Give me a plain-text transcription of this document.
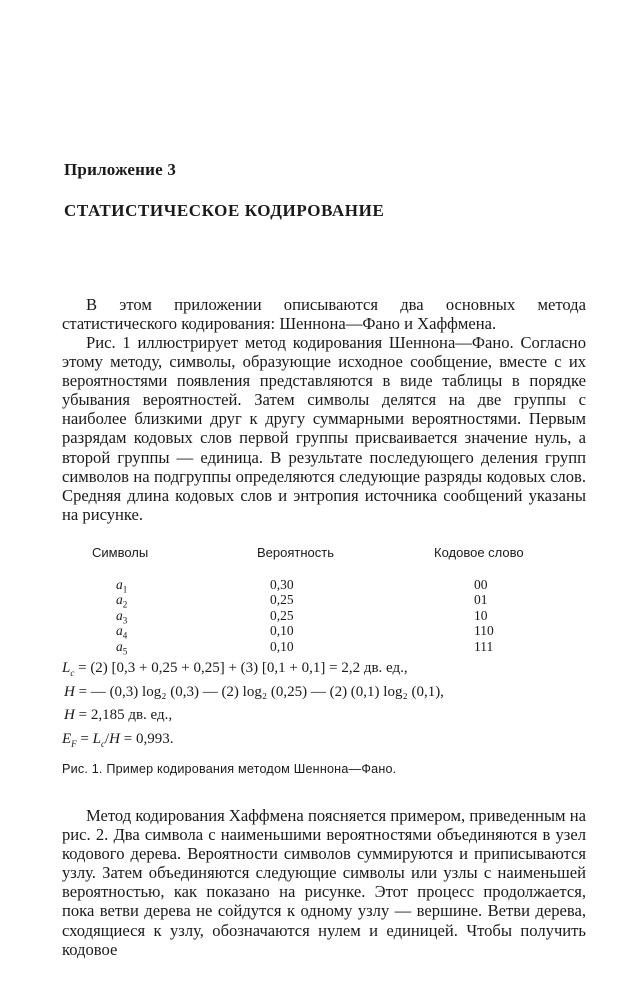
Приложение 3
СТАТИСТИЧЕСКОЕ КОДИРОВАНИЕ

В этом приложении описываются два основных метода статистического кодирования: Шеннона—Фано и Хаффмена.

Рис. 1 иллюстрирует метод кодирования Шеннона—Фано. Согласно этому методу, символы, образующие исходное сообщение, вместе с их вероятностями появления представляются в виде таблицы в порядке убывания вероятностей. Затем символы делятся на две группы с наиболее близкими друг к другу суммарными вероятностями. Первым разрядам кодовых слов первой группы присваивается значение нуль, а второй группы — единица. В результате последующего деления групп символов на подгруппы определяются следующие разряды кодовых слов. Средняя длина кодовых слов и энтропия источника сообщений указаны на рисунке.

Символы	Вероятность	Кодовое слово
$a_1$	0,30	00
$a_2$	0,25	01
$a_3$	0,25	10
$a_4$	0,10	110
$a_5$	0,10	111
$L_c = (2) [0,3 + 0,25 + 0,25] + (3) [0,1 + 0,1] = 2,2$ дв. ед.,
H = — (0,3) log₂ (0,3) — (2) log₂ (0,25) — (2) (0,1) log₂ (0,1),
H = 2,185 дв. ед.,
$E_F = L_c/H = 0,993$.
Рис. 1. Пример кодирования методом Шеннона—Фано.

Метод кодирования Хаффмена поясняется примером, приведенным на рис. 2. Два символа с наименьшими вероятностями объединяются в узел кодового дерева. Вероятности символов суммируются и приписываются узлу. Затем объединяются следующие символы или узлы с наименьшей вероятностью, как показано на рисунке. Этот процесс продолжается, пока ветви дерева не сойдутся к одному узлу — вершине. Ветви дерева, сходящиеся к узлу, обозначаются нулем и единицей. Чтобы получить кодовое
